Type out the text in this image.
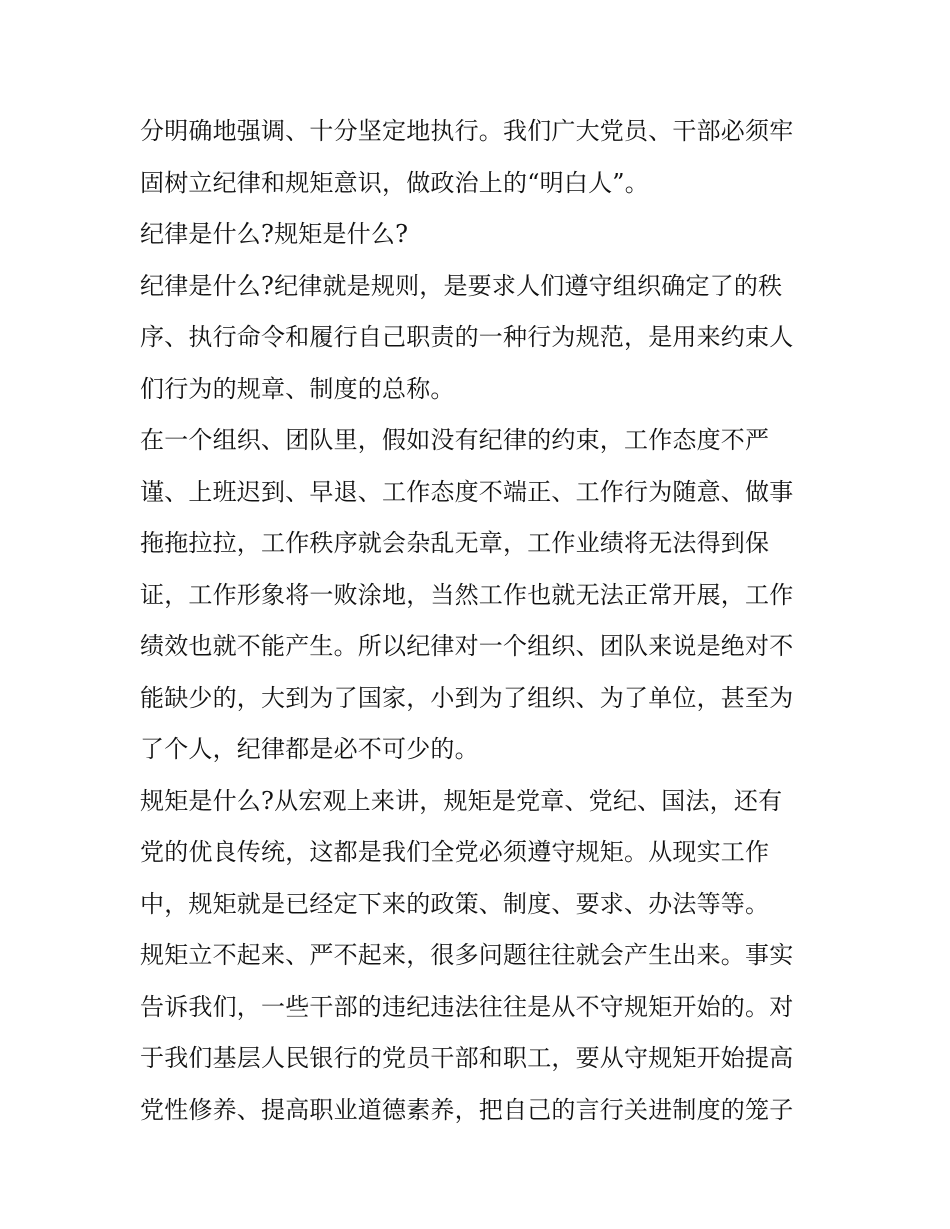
分明确地强调、十分坚定地执行。我们广大党员、干部必须牢
固树立纪律和规矩意识，做政治上的“明白人”。
纪律是什么?规矩是什么?
纪律是什么?纪律就是规则，是要求人们遵守组织确定了的秩
序、执行命令和履行自己职责的一种行为规范，是用来约束人
们行为的规章、制度的总称。
在一个组织、团队里，假如没有纪律的约束，工作态度不严
谨、上班迟到、早退、工作态度不端正、工作行为随意、做事
拖拖拉拉，工作秩序就会杂乱无章，工作业绩将无法得到保
证，工作形象将一败涂地，当然工作也就无法正常开展，工作
绩效也就不能产生。所以纪律对一个组织、团队来说是绝对不
能缺少的，大到为了国家，小到为了组织、为了单位，甚至为
了个人，纪律都是必不可少的。
规矩是什么?从宏观上来讲，规矩是党章、党纪、国法，还有
党的优良传统，这都是我们全党必须遵守规矩。从现实工作
中，规矩就是已经定下来的政策、制度、要求、办法等等。
规矩立不起来、严不起来，很多问题往往就会产生出来。事实
告诉我们，一些干部的违纪违法往往是从不守规矩开始的。对
于我们基层人民银行的党员干部和职工，要从守规矩开始提高
党性修养、提高职业道德素养，把自己的言行关进制度的笼子
